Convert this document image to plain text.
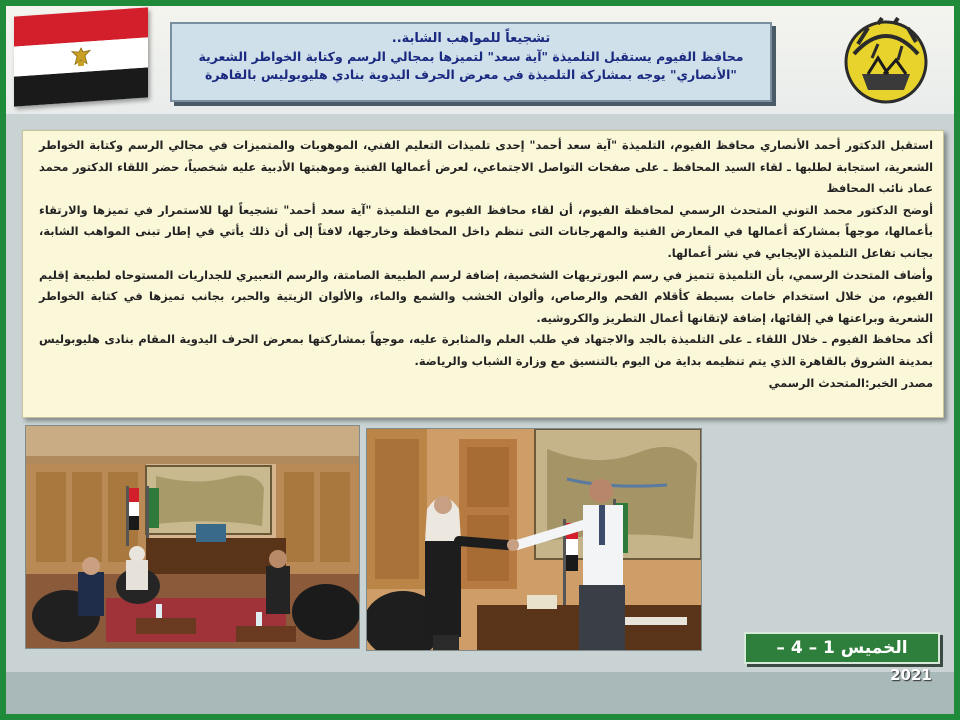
تشجيعاً للمواهب الشابة..
محافظ الفيوم يستقبل التلميذة "آية سعد" لتميزها بمجالي الرسم وكتابة الخواطر الشعرية
"الأنصاري" يوجه بمشاركة التلميذة في معرض الحرف اليدوية بنادي هليوبوليس بالقاهرة

استقبل الدكتور أحمد الأنصاري محافظ الفيوم، التلميذة "آية سعد أحمد" إحدى تلميذات التعليم الفني، الموهوبات والمتميزات في مجالي الرسم وكتابة الخواطر الشعرية، استجابة لطلبها ـ لقاء السيد المحافظ ـ على صفحات التواصل الاجتماعي، لعرض أعمالها الفنية وموهبتها الأدبية عليه شخصياً، حضر اللقاء الدكتور محمد عماد نائب المحافظ

أوضح الدكتور محمد التوني المتحدث الرسمي لمحافظة الفيوم، أن لقاء محافظ الفيوم مع التلميذة "آية سعد أحمد" تشجيعاً لها للاستمرار في تميزها والارتقاء بأعمالها، موجهاً بمشاركة أعمالها في المعارض الفنية والمهرجانات التى تنظم داخل المحافظة وخارجها، لافتاً إلى أن ذلك يأتي في إطار تبنى المواهب الشابة، بجانب تفاعل التلميذة الإيجابي في نشر أعمالها.

وأضاف المتحدث الرسمي، بأن التلميذة تتميز في رسم البورتريهات الشخصية، إضافة لرسم الطبيعة الصامتة، والرسم التعبيري للجداريات المستوحاه لطبيعة إقليم الفيوم، من خلال استخدام خامات بسيطة كأقلام الفحم والرصاص، وألوان الخشب والشمع والماء، والألوان الزيتية والحبر، بجانب تميزها في كتابة الخواطر الشعرية وبراعتها في إلقائها، إضافة لإتقانها أعمال التطريز والكروشيه.

أكد محافظ الفيوم ـ خلال اللقاء ـ على التلميذة بالجد والاجتهاد في طلب العلم والمثابرة عليه، موجهاً بمشاركتها بمعرض الحرف اليدوية المقام بنادى هليوبوليس بمدينة الشروق بالقاهرة الذي يتم تنظيمه بداية من اليوم بالتنسيق مع وزارة الشباب والرياضة.

مصدر الخبر:المتحدث الرسمي

الخميس 1 – 4 –
2021
